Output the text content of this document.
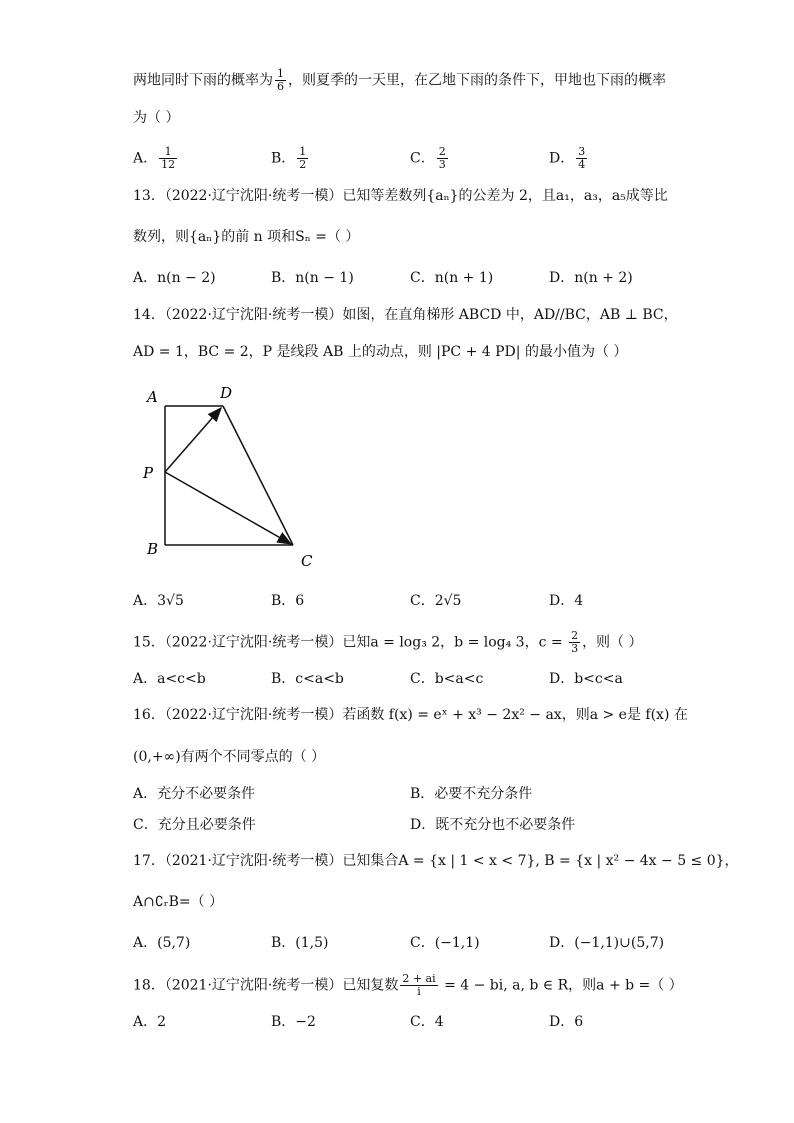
两地同时下雨的概率为 $\frac{1}{6}$ ，则夏季的一天里，在乙地下雨的条件下，甲地也下雨的概率
为（ ）
A． $\frac{1}{12}$	B． $\frac{1}{2}$	C． $\frac{2}{3}$	D． $\frac{3}{4}$
13．（2022·辽宁沈阳·统考一模）已知等差数列{aₙ}的公差为 2，且a₁，a₃，a₅成等比
数列，则{aₙ}的前 n 项和Sₙ =（ ）
A．n(n − 2)	B．n(n − 1)	C．n(n + 1)	D．n(n + 2)
14．（2022·辽宁沈阳·统考一模）如图，在直角梯形 ABCD 中，AD//BC，AB ⊥ BC，
AD = 1，BC = 2，P 是线段 AB 上的动点，则 |PC + 4 PD| 的最小值为（ ）
A	D
P
B
C
A．3√5	B．6	C．2√5	D．4
15．（2022·辽宁沈阳·统考一模）已知a = log₃ 2，b = log₄ 3，$c = \frac{2}{3}$ ，则（ ）
A．a<c<b	B．c<a<b	C．b<a<c	D．b<c<a
16．（2022·辽宁沈阳·统考一模）若函数 f(x) = eˣ + x³ − 2x² − ax，则a > e是 f(x) 在
(0,+∞)有两个不同零点的（ ）
A．充分不必要条件	B．必要不充分条件
C．充分且必要条件	D．既不充分也不必要条件
17．（2021·辽宁沈阳·统考一模）已知集合A = {x | 1 < x < 7}, B = {x | x² − 4x − 5 ≤ 0}，
A∩∁ᵣB=（ ）
A．(5,7)	B．(1,5)	C．(−1,1)	D．(−1,1)∪(5,7)
18．（2021·辽宁沈阳·统考一模）已知复数 $\frac{2 + ai}{i} = 4$ − bi, a, b ∈ R，则a + b =（ ）
A．2	B．−2	C．4	D．6
